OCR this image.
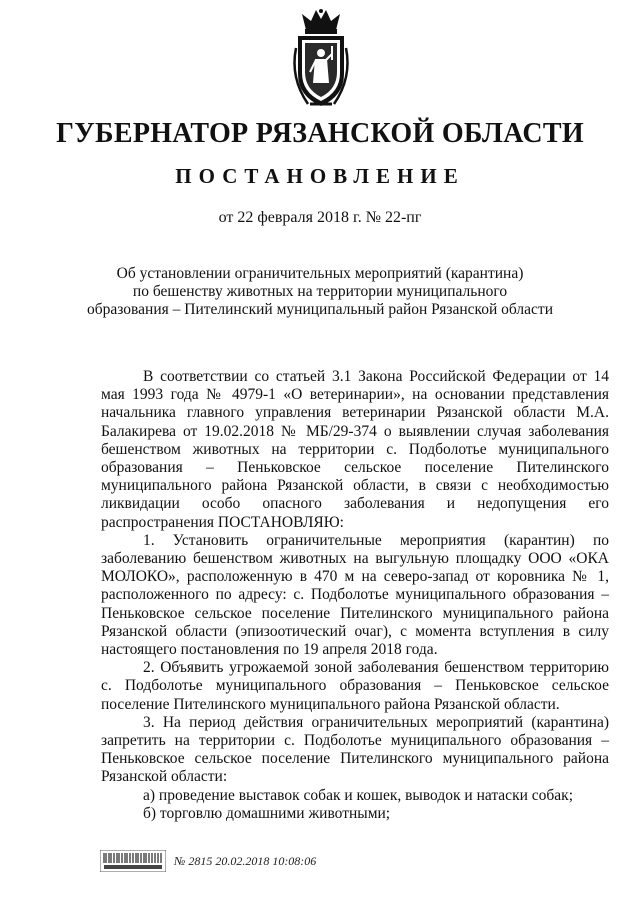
ГУБЕРНАТОР РЯЗАНСКОЙ ОБЛАСТИ
ПОСТАНОВЛЕНИЕ
от 22 февраля 2018 г. № 22-пг
Об установлении ограничительных мероприятий (карантина)
по бешенству животных на территории муниципального
образования – Пителинский муниципальный район Рязанской области

В соответствии со статьей 3.1 Закона Российской Федерации от 14 мая 1993 года № 4979-1 «О ветеринарии», на основании представления начальника главного управления ветеринарии Рязанской области М.А. Балакирева от 19.02.2018 № МБ/29-374 о выявлении случая заболевания бешенством животных на территории с. Подболотье муниципального образования – Пеньковское сельское поселение Пителинского муниципального района Рязанской области, в связи с необходимостью ликвидации особо опасного заболевания и недопущения его распространения ПОСТАНОВЛЯЮ:

1. Установить ограничительные мероприятия (карантин) по заболеванию бешенством животных на выгульную площадку ООО «ОКА МОЛОКО», расположенную в 470 м на северо-запад от коровника № 1, расположенного по адресу: с. Подболотье муниципального образования – Пеньковское сельское поселение Пителинского муниципального района Рязанской области (эпизоотический очаг), с момента вступления в силу настоящего постановления по 19 апреля 2018 года.

2. Объявить угрожаемой зоной заболевания бешенством территорию с. Подболотье муниципального образования – Пеньковское сельское поселение Пителинского муниципального района Рязанской области.

3. На период действия ограничительных мероприятий (карантина) запретить на территории с. Подболотье муниципального образования – Пеньковское сельское поселение Пителинского муниципального района Рязанской области:

а) проведение выставок собак и кошек, выводок и натаски собак;

б) торговлю домашними животными;

№ 2815 20.02.2018 10:08:06
